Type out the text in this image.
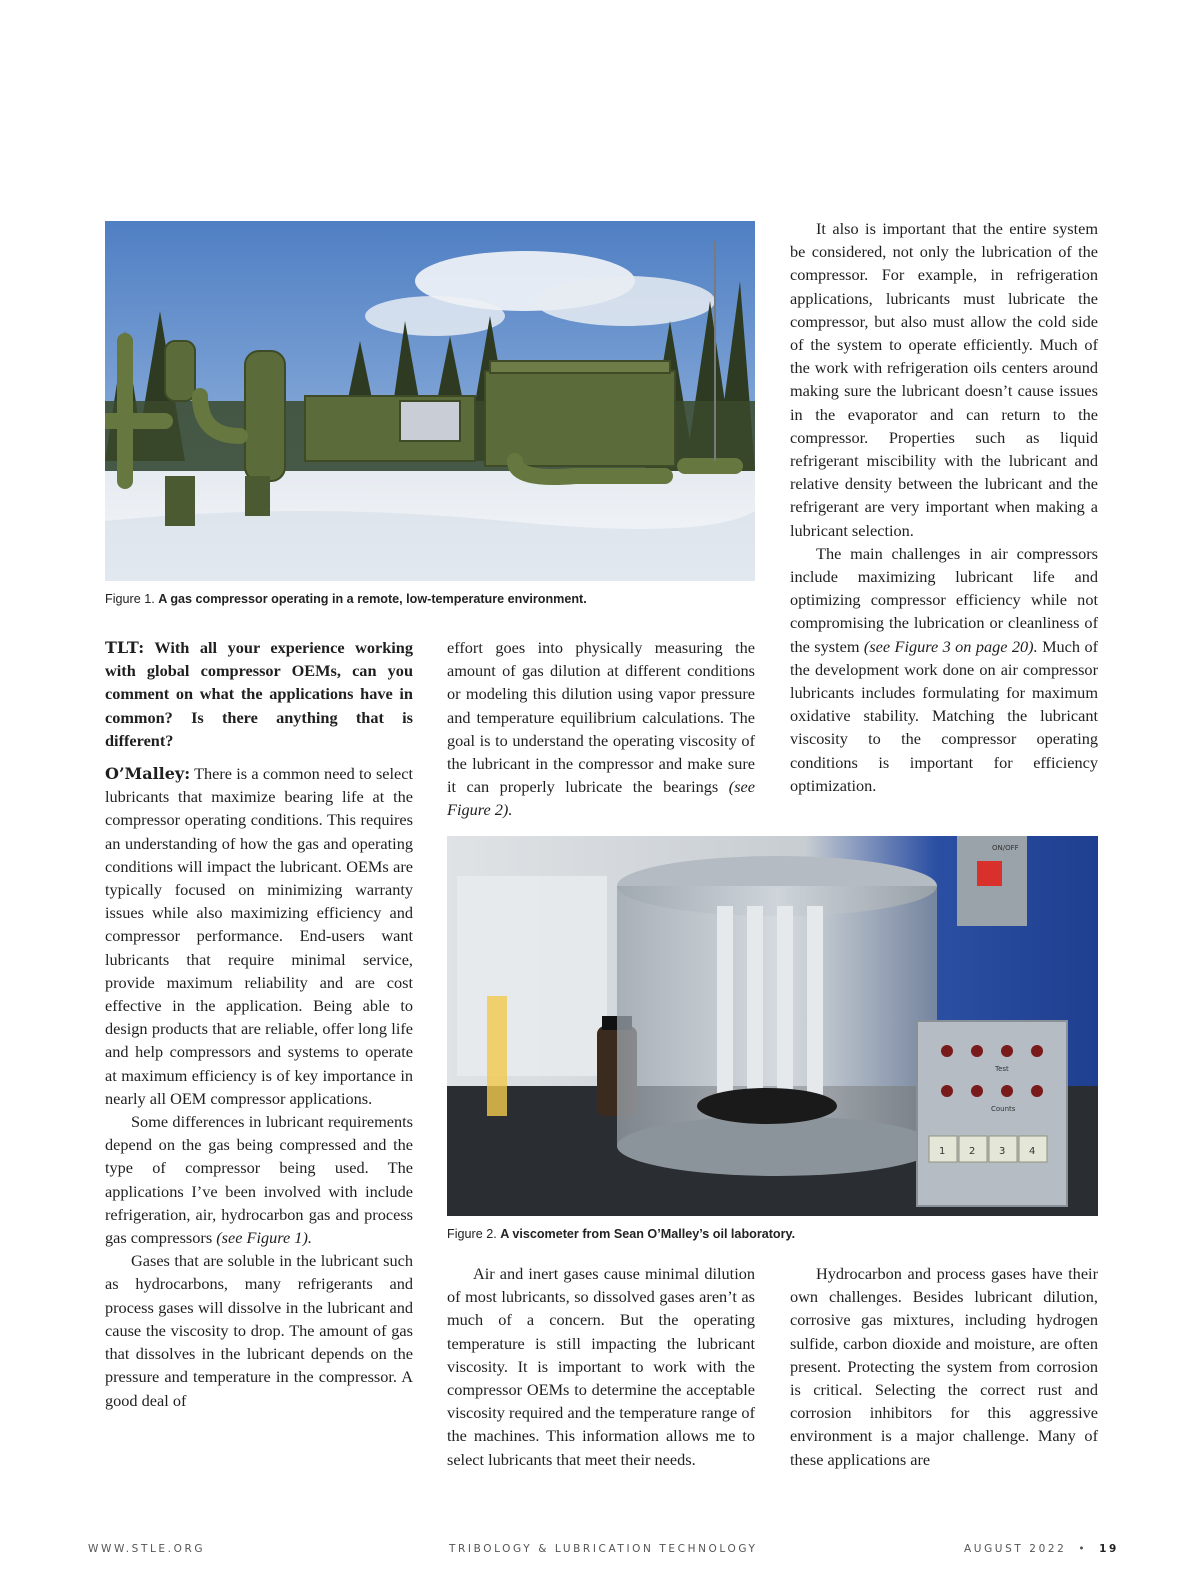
Figure 1. A gas compressor operating in a remote, low-temperature environment.

TLT: With all your experience working with global compressor OEMs, can you comment on what the applications have in common? Is there anything that is different?

O’Malley: There is a common need to select lubricants that maximize bearing life at the compressor operating conditions. This requires an understanding of how the gas and operating conditions will impact the lubricant. OEMs are typically focused on minimizing warranty issues while also maximizing efficiency and compressor performance. End-users want lubricants that require minimal service, provide maximum reliability and are cost effective in the application. Being able to design products that are reliable, offer long life and help compressors and systems to operate at maximum efficiency is of key importance in nearly all OEM compressor applications.

Some differences in lubricant requirements depend on the gas being compressed and the type of compressor being used. The applications I’ve been involved with include refrigeration, air, hydrocarbon gas and process gas compressors (see Figure 1).

Gases that are soluble in the lubricant such as hydrocarbons, many refrigerants and process gases will dissolve in the lubricant and cause the viscosity to drop. The amount of gas that dissolves in the lubricant depends on the pressure and temperature in the compressor. A good deal of

effort goes into physically measuring the amount of gas dilution at different conditions or modeling this dilution using vapor pressure and temperature equilibrium calculations. The goal is to understand the operating viscosity of the lubricant in the compressor and make sure it can properly lubricate the bearings (see Figure 2).

It also is important that the entire system be considered, not only the lubrication of the compressor. For example, in refrigeration applications, lubricants must lubricate the compressor, but also must allow the cold side of the system to operate efficiently. Much of the work with refrigeration oils centers around making sure the lubricant doesn’t cause issues in the evaporator and can return to the compressor. Properties such as liquid refrigerant miscibility with the lubricant and relative density between the lubricant and the refrigerant are very important when making a lubricant selection.

The main challenges in air compressors include maximizing lubricant life and optimizing compressor efficiency while not compromising the lubrication or cleanliness of the system (see Figure 3 on page 20). Much of the development work done on air compressor lubricants includes formulating for maximum oxidative stability. Matching the lubricant viscosity to the compressor operating conditions is important for efficiency optimization.

ON/OFF
Test
Counts
1 2 3 4
Figure 2. A viscometer from Sean O’Malley’s oil laboratory.

Air and inert gases cause minimal dilution of most lubricants, so dissolved gases aren’t as much of a concern. But the operating temperature is still impacting the lubricant viscosity. It is important to work with the compressor OEMs to determine the acceptable viscosity required and the temperature range of the machines. This information allows me to select lubricants that meet their needs.

Hydrocarbon and process gases have their own challenges. Besides lubricant dilution, corrosive gas mixtures, including hydrogen sulfide, carbon dioxide and moisture, are often present. Protecting the system from corrosion is critical. Selecting the correct rust and corrosion inhibitors for this aggressive environment is a major challenge. Many of these applications are

WWW.STLE.ORG	TRIBOLOGY & LUBRICATION TECHNOLOGY	AUGUST 2022 • 19
